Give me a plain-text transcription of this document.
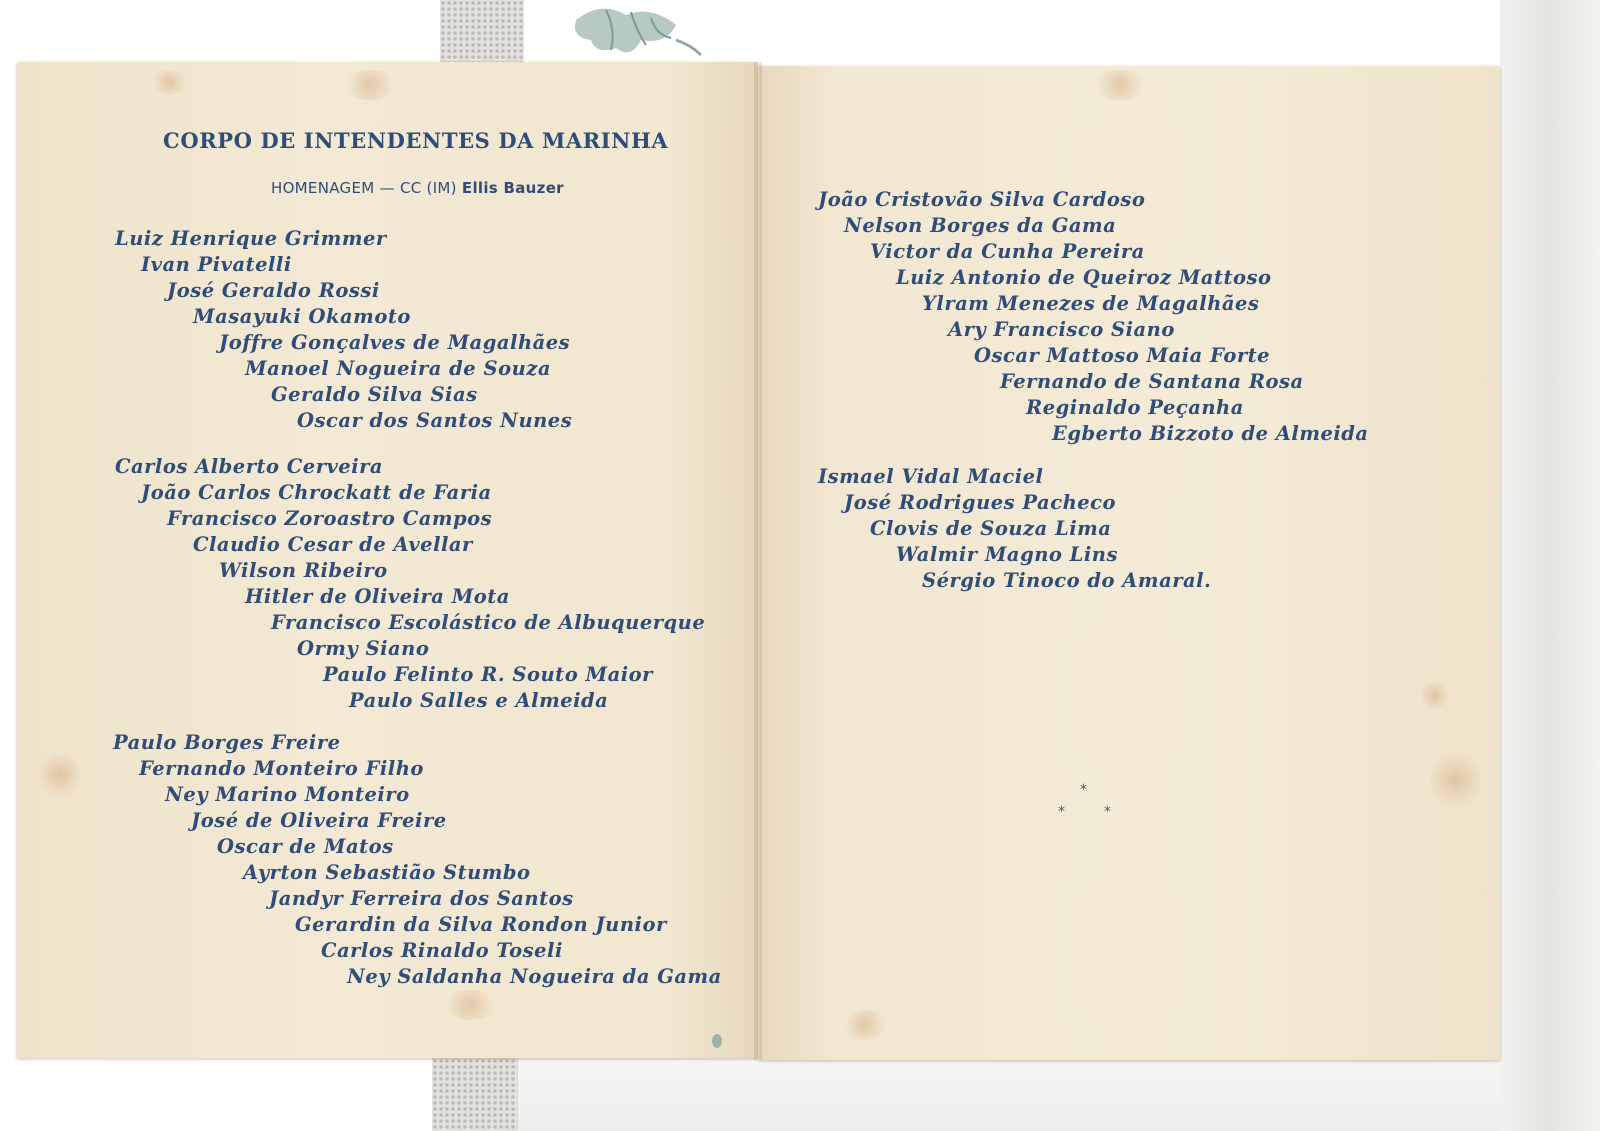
CORPO DE INTENDENTES DA MARINHA
HOMENAGEM — CC (IM) Ellis Bauzer
Luiz Henrique Grimmer
Ivan Pivatelli
José Geraldo Rossi
Masayuki Okamoto
Joffre Gonçalves de Magalhães
Manoel Nogueira de Souza
Geraldo Silva Sias
Oscar dos Santos Nunes
Carlos Alberto Cerveira
João Carlos Chrockatt de Faria
Francisco Zoroastro Campos
Claudio Cesar de Avellar
Wilson Ribeiro
Hitler de Oliveira Mota
Francisco Escolástico de Albuquerque
Ormy Siano
Paulo Felinto R. Souto Maior
Paulo Salles e Almeida
Paulo Borges Freire
Fernando Monteiro Filho
Ney Marino Monteiro
José de Oliveira Freire
Oscar de Matos
Ayrton Sebastião Stumbo
Jandyr Ferreira dos Santos
Gerardin da Silva Rondon Junior
Carlos Rinaldo Toseli
Ney Saldanha Nogueira da Gama
João Cristovão Silva Cardoso
Nelson Borges da Gama
Victor da Cunha Pereira
Luiz Antonio de Queiroz Mattoso
Ylram Menezes de Magalhães
Ary Francisco Siano
Oscar Mattoso Maia Forte
Fernando de Santana Rosa
Reginaldo Peçanha
Egberto Bizzoto de Almeida
Ismael Vidal Maciel
José Rodrigues Pacheco
Clovis de Souza Lima
Walmir Magno Lins
Sérgio Tinoco do Amaral.
*
*	*
